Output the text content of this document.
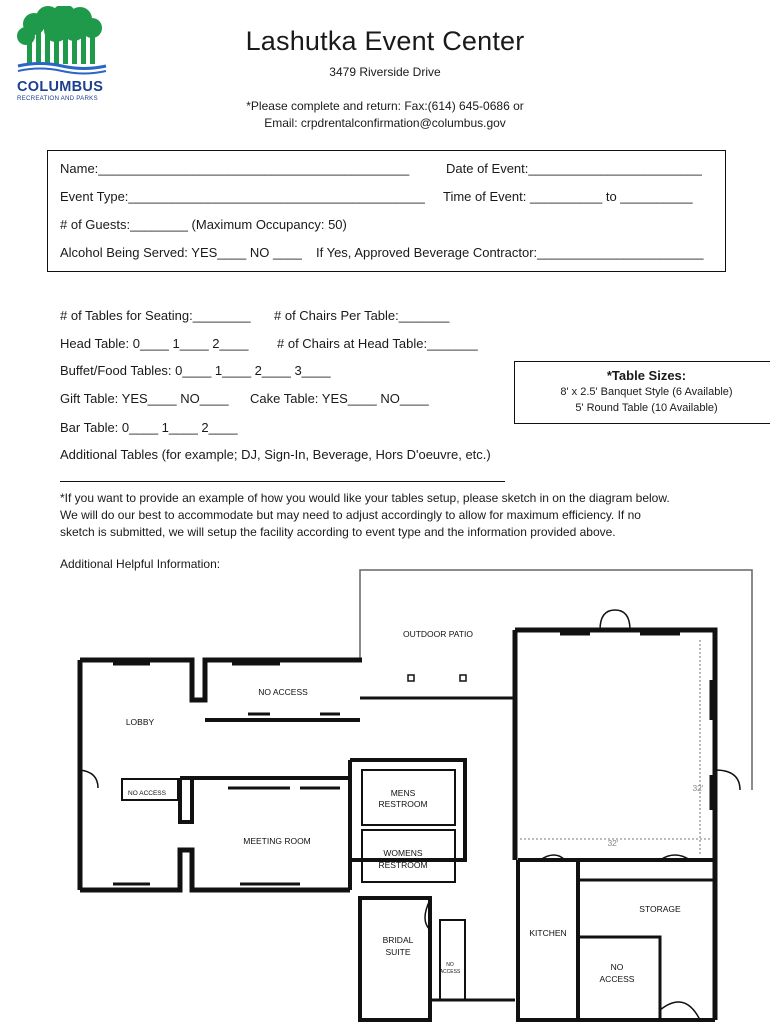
COLUMBUS
RECREATION AND PARKS
Lashutka Event Center
3479 Riverside Drive
*Please complete and return: Fax:(614) 645-0686 or
Email: crpdrentalconfirmation@columbus.gov
Name:___________________________________________	Date of Event:________________________
Event Type:_________________________________________ Time of Event: __________ to __________
# of Guests:________ (Maximum Occupancy: 50)
Alcohol Being Served: YES____ NO ____ If Yes, Approved Beverage Contractor:_______________________
# of Tables for Seating:________ # of Chairs Per Table:_______
Head Table: 0____ 1____ 2____ # of Chairs at Head Table:_______
Buffet/Food Tables: 0____ 1____ 2____ 3____
Gift Table: YES____ NO____ Cake Table: YES____ NO____
Bar Table: 0____ 1____ 2____
Additional Tables (for example; DJ, Sign-In, Beverage, Hors D'oeuvre, etc.)
*Table Sizes:
8' x 2.5' Banquet Style (6 Available)
5' Round Table (10 Available)
*If you want to provide an example of how you would like your tables setup, please sketch in on the diagram below.
We will do our best to accommodate but may need to adjust accordingly to allow for maximum efficiency. If no
sketch is submitted, we will setup the facility according to event type and the information provided above.
Additional Helpful Information:
OUTDOOR PATIO
NO ACCESS
LOBBY
NO ACCESS	MENS
RESTROOM
WOMENS
RESTROOM
MEETING ROOM
BRIDAL
SUITE
NO
ACCESS
KITCHEN
STORAGE
NO
ACCESS
32'
32'
